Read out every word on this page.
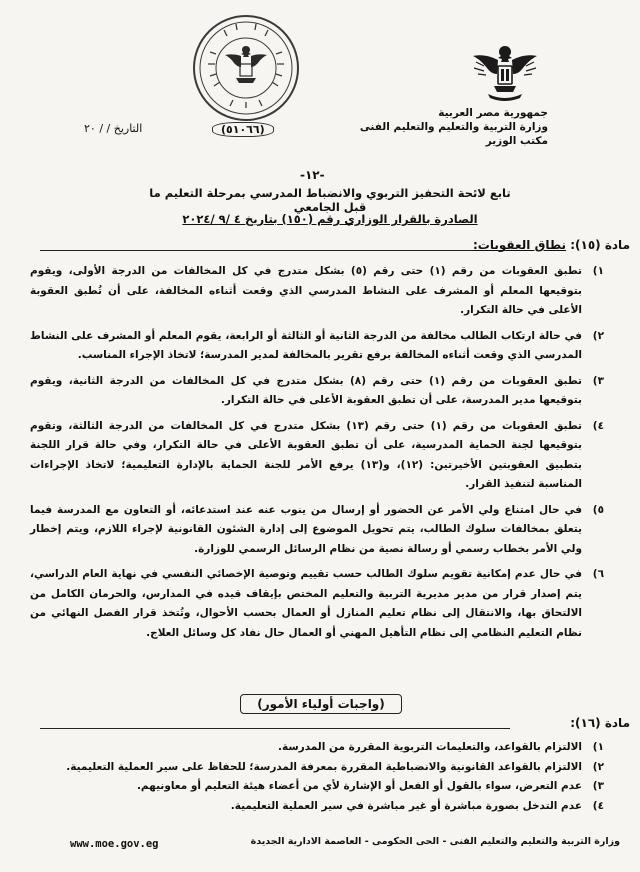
جمهورية مصر العربية
وزارة التربية والتعليم والتعليم الفنى
مكتب الوزير
(٥١٠٦٦)
التاريخ / / ٢٠
-١٢-
تابع لائحة التحفيز التربوي والانضباط المدرسي بمرحلة التعليم ما قبل الجامعي
الصادرة بالقرار الوزاري رقم (١٥٠) بتاريخ ٤ /٩ /٢٠٢٤
مادة (١٥): نطاق العقوبات:
١)
تطبق العقوبات من رقم (١) حتى رقم (٥) بشكل متدرج في كل المخالفات من الدرجة الأولى، ويقوم بتوقيعها المعلم أو المشرف على النشاط المدرسي الذي وقعت أثناءه المخالفة، على أن تُطبق العقوبة الأعلى في حالة التكرار.
٢)
في حالة ارتكاب الطالب مخالفة من الدرجة الثانية أو الثالثة أو الرابعة، يقوم المعلم أو المشرف على النشاط المدرسي الذي وقعت أثناءه المخالفة برفع تقرير بالمخالفة لمدير المدرسة؛ لاتخاذ الإجراء المناسب.
٣)
تطبق العقوبات من رقم (١) حتى رقم (٨) بشكل متدرج في كل المخالفات من الدرجة الثانية، ويقوم بتوقيعها مدير المدرسة، على أن تطبق العقوبة الأعلى في حالة التكرار.
٤)
تطبق العقوبات من رقم (١) حتى رقم (١٣) بشكل متدرج في كل المخالفات من الدرجة الثالثة، وتقوم بتوقيعها لجنة الحماية المدرسية، على أن تطبق العقوبة الأعلى في حالة التكرار، وفي حالة قرار اللجنة بتطبيق العقوبتين الأخيرتين: (١٢)، و(١٣) يرفع الأمر للجنة الحماية بالإدارة التعليمية؛ لاتخاذ الإجراءات المناسبة لتنفيذ القرار.
٥)
في حال امتناع ولي الأمر عن الحضور أو إرسال من ينوب عنه عند استدعائه، أو التعاون مع المدرسة فيما يتعلق بمخالفات سلوك الطالب، يتم تحويل الموضوع إلى إدارة الشئون القانونية لإجراء اللازم، ويتم إخطار ولي الأمر بخطاب رسمي أو رسالة نصية من نظام الرسائل الرسمي للوزارة.
٦)
في حال عدم إمكانية تقويم سلوك الطالب حسب تقييم وتوصية الإخصائي النفسي في نهاية العام الدراسي، يتم إصدار قرار من مدير مديرية التربية والتعليم المختص بإيقاف قيده في المدارس، والحرمان الكامل من الالتحاق بها، والانتقال إلى نظام تعليم المنازل أو العمال بحسب الأحوال، وتُتخذ قرار الفصل النهائي من نظام التعليم النظامي إلى نظام التأهيل المهني أو العمال حال نفاد كل وسائل العلاج.
(واجبات أولياء الأمور)
مادة (١٦):
١)
الالتزام بالقواعد، والتعليمات التربوية المقررة من المدرسة.
٢)
الالتزام بالقواعد القانونية والانضباطية المقررة بمعرفة المدرسة؛ للحفاظ على سير العملية التعليمية.
٣)
عدم التعرض، سواء بالقول أو الفعل أو الإشارة لأي من أعضاء هيئة التعليم أو معاونيهم.
٤)
عدم التدخل بصورة مباشرة أو غير مباشرة في سير العملية التعليمية.
www.moe.gov.eg	وزارة التربية والتعليم والتعليم الفنى - الحى الحكومى - العاصمة الادارية الجديدة
